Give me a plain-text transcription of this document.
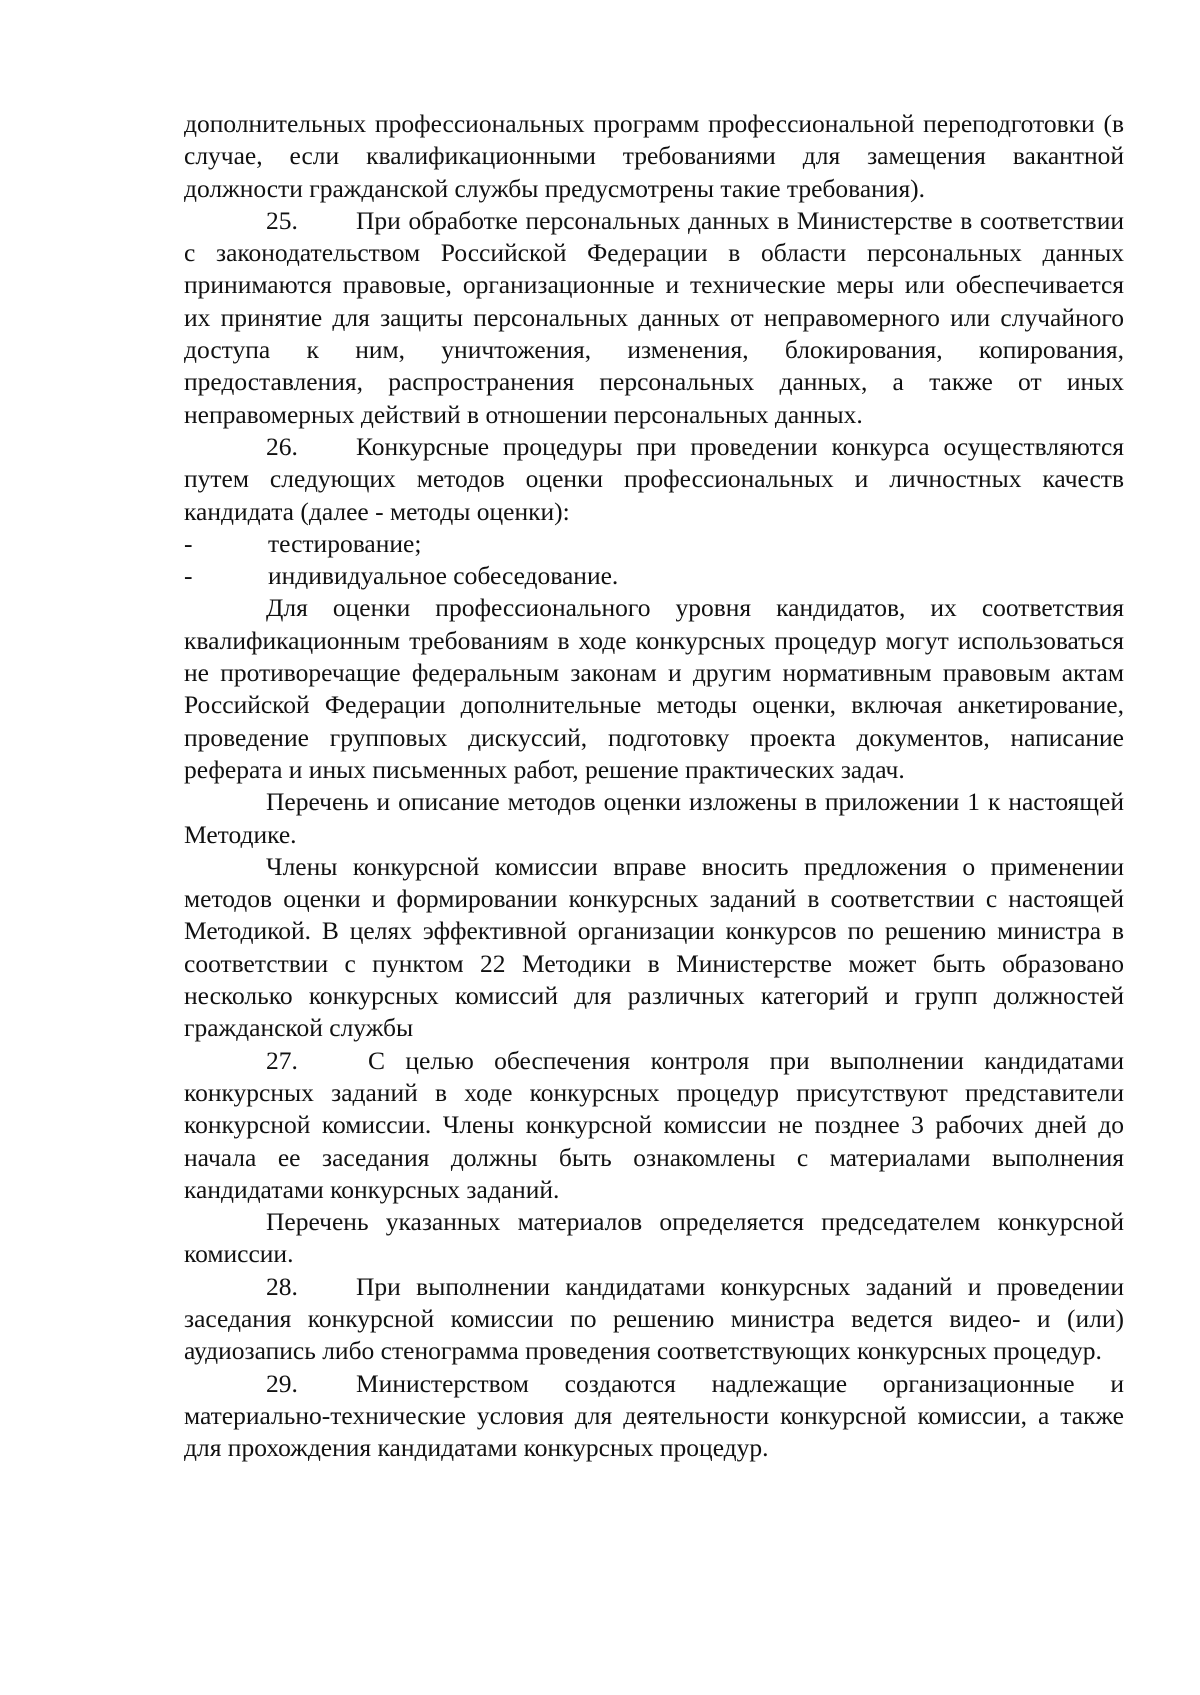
дополнительных профессиональных программ профессиональной переподготовки (в случае, если квалификационными требованиями для замещения вакантной должности гражданской службы предусмотрены такие требования).

25. При обработке персональных данных в Министерстве в соответствии с законодательством Российской Федерации в области персональных данных принимаются правовые, организационные и технические меры или обеспечивается их принятие для защиты персональных данных от неправомерного или случайного доступа к ним, уничтожения, изменения, блокирования, копирования, предоставления, распространения персональных данных, а также от иных неправомерных действий в отношении персональных данных.

26. Конкурсные процедуры при проведении конкурса осуществляются путем следующих методов оценки профессиональных и личностных качеств кандидата (далее - методы оценки):

-	тестирование;

-	индивидуальное собеседование.

Для оценки профессионального уровня кандидатов, их соответствия квалификационным требованиям в ходе конкурсных процедур могут использоваться не противоречащие федеральным законам и другим нормативным правовым актам Российской Федерации дополнительные методы оценки, включая анкетирование, проведение групповых дискуссий, подготовку проекта документов, написание реферата и иных письменных работ, решение практических задач.

Перечень и описание методов оценки изложены в приложении 1 к настоящей Методике.

Члены конкурсной комиссии вправе вносить предложения о применении методов оценки и формировании конкурсных заданий в соответствии с настоящей Методикой. В целях эффективной организации конкурсов по решению министра в соответствии с пунктом 22 Методики в Министерстве может быть образовано несколько конкурсных комиссий для различных категорий и групп должностей гражданской службы

27.	С целью обеспечения контроля при выполнении кандидатами конкурсных заданий в ходе конкурсных процедур присутствуют представители конкурсной комиссии. Члены конкурсной комиссии не позднее 3 рабочих дней до начала ее заседания должны быть ознакомлены с материалами выполнения кандидатами конкурсных заданий.

Перечень указанных материалов определяется председателем конкурсной комиссии.

28. При выполнении кандидатами конкурсных заданий и проведении заседания конкурсной комиссии по решению министра ведется видео- и (или) аудиозапись либо стенограмма проведения соответствующих конкурсных процедур.

29. Министерством создаются надлежащие организационные и материально-технические условия для деятельности конкурсной комиссии, а также для прохождения кандидатами конкурсных процедур.
